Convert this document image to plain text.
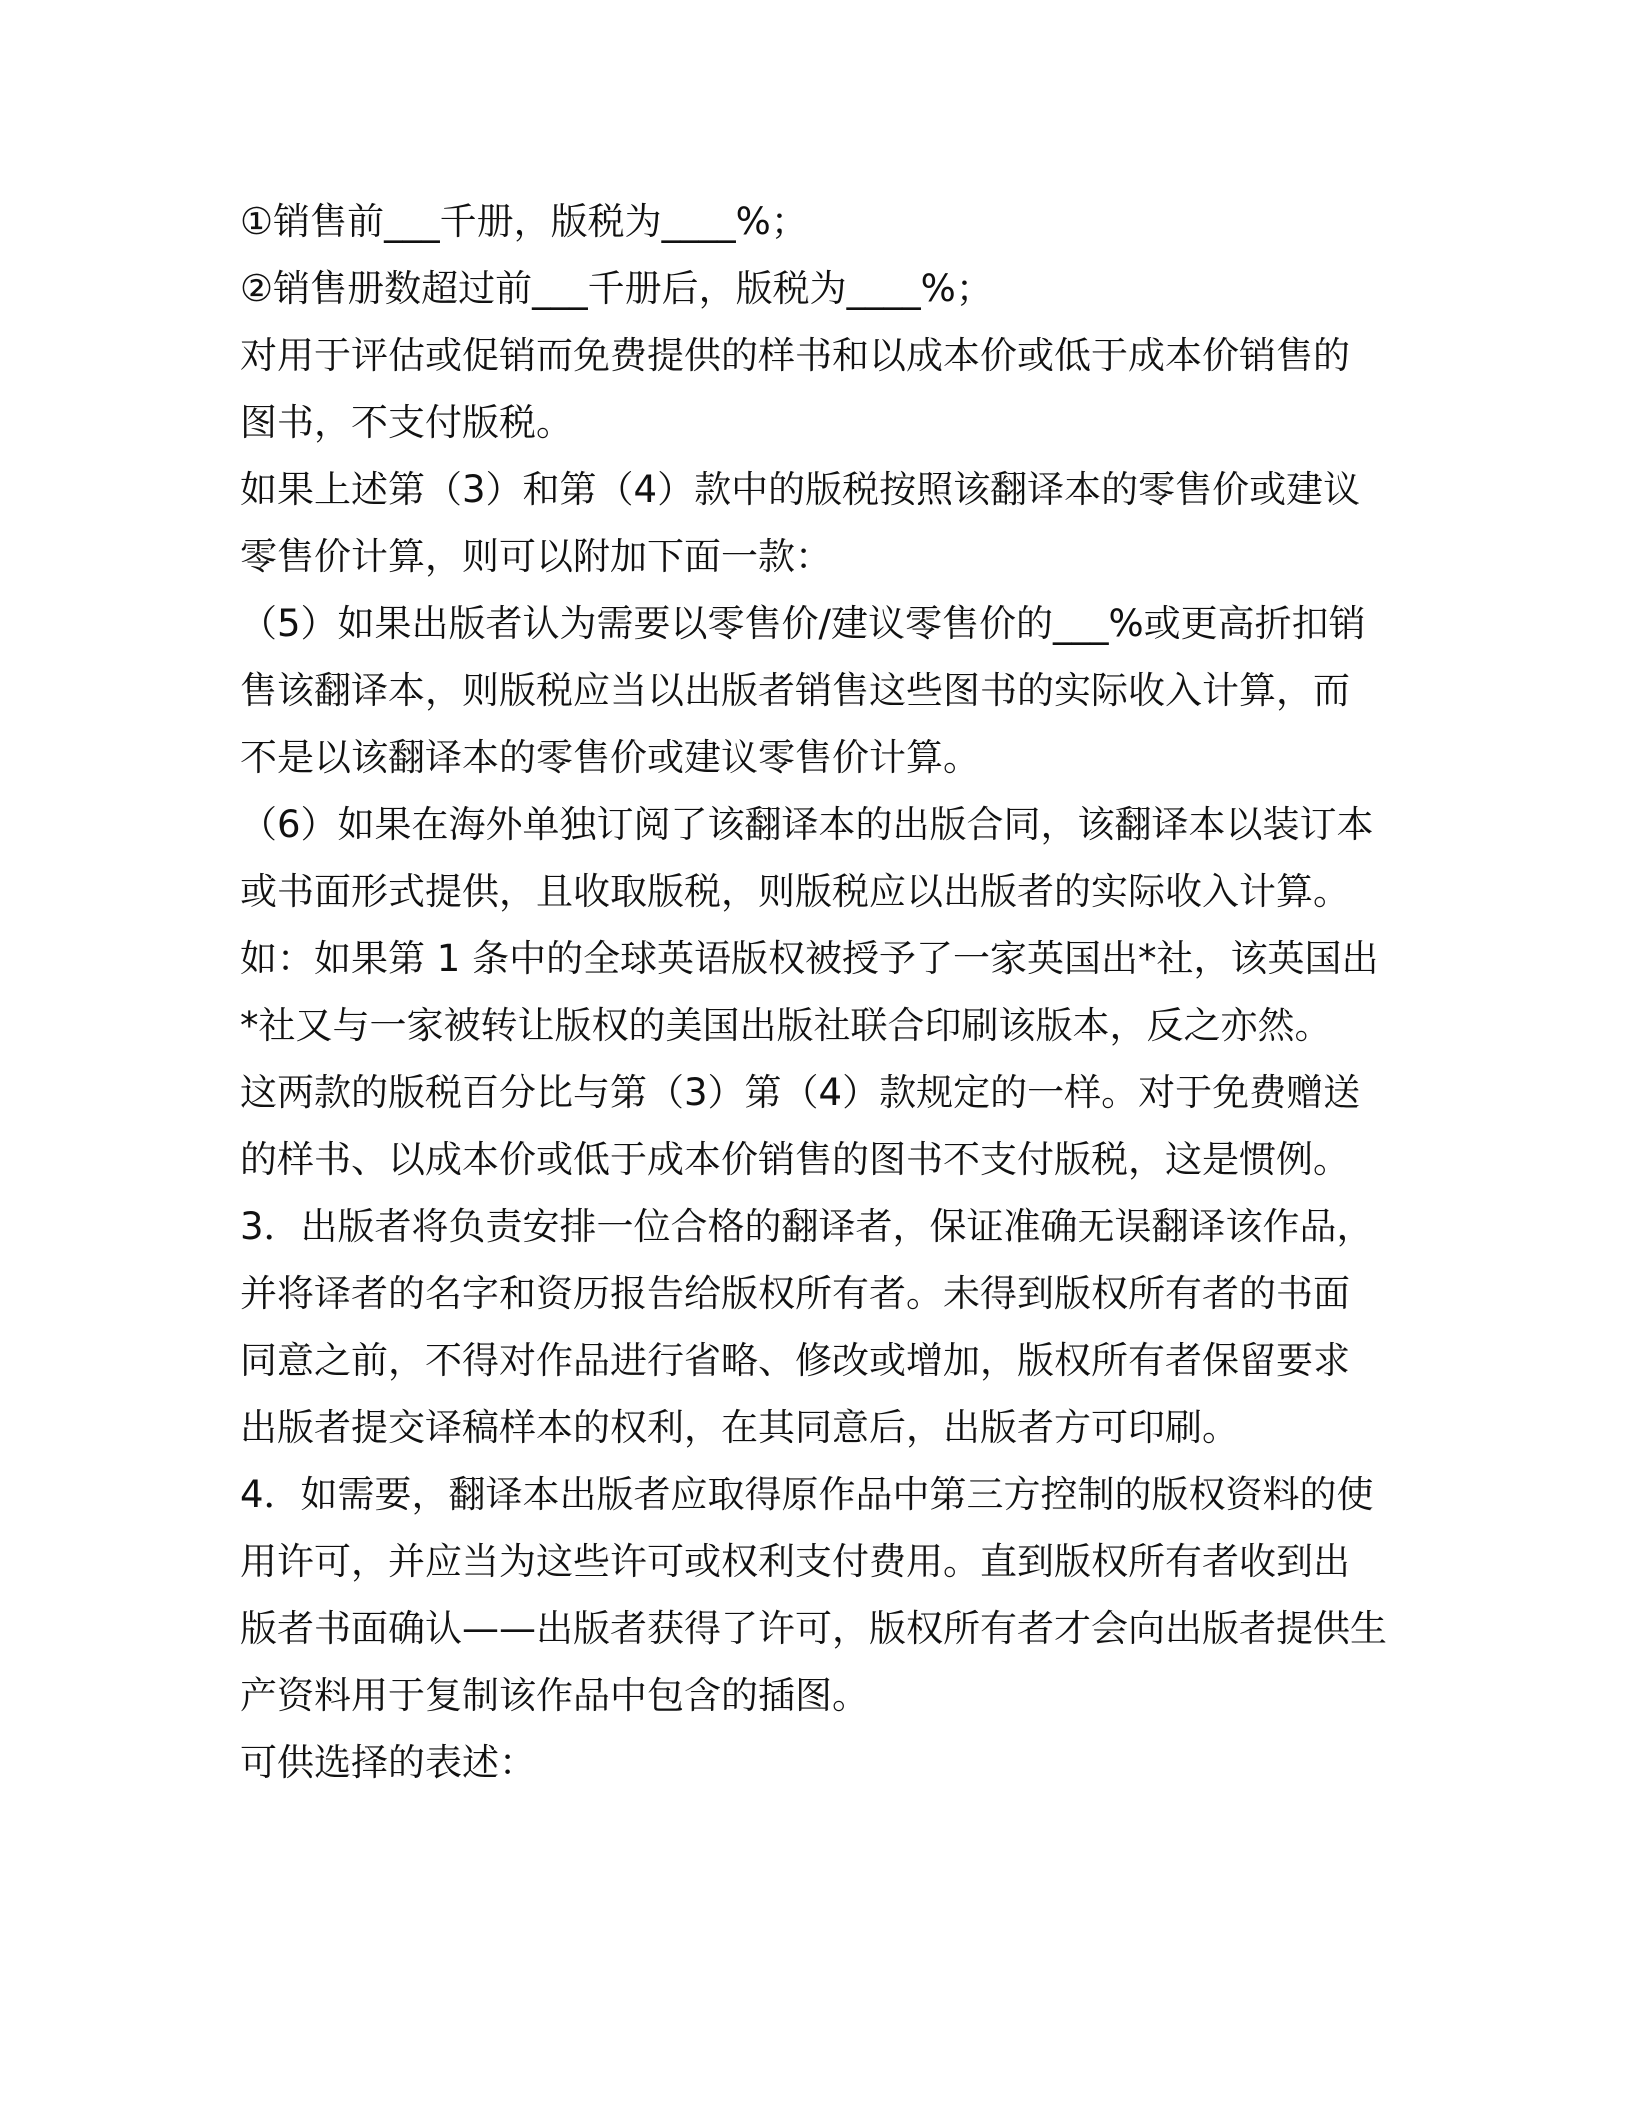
①销售前___千册，版税为____%；
②销售册数超过前___千册后，版税为____%；
对用于评估或促销而免费提供的样书和以成本价或低于成本价销售的
图书，不支付版税。
如果上述第（3）和第（4）款中的版税按照该翻译本的零售价或建议
零售价计算，则可以附加下面一款：
（5）如果出版者认为需要以零售价/建议零售价的___%或更高折扣销
售该翻译本，则版税应当以出版者销售这些图书的实际收入计算，而
不是以该翻译本的零售价或建议零售价计算。
（6）如果在海外单独订阅了该翻译本的出版合同，该翻译本以装订本
或书面形式提供，且收取版税，则版税应以出版者的实际收入计算。
如：如果第 1 条中的全球英语版权被授予了一家英国出*社，该英国出
*社又与一家被转让版权的美国出版社联合印刷该版本，反之亦然。
这两款的版税百分比与第（3）第（4）款规定的一样。对于免费赠送
的样书、以成本价或低于成本价销售的图书不支付版税，这是惯例。
3．出版者将负责安排一位合格的翻译者，保证准确无误翻译该作品，
并将译者的名字和资历报告给版权所有者。未得到版权所有者的书面
同意之前，不得对作品进行省略、修改或增加，版权所有者保留要求
出版者提交译稿样本的权利，在其同意后，出版者方可印刷。
4．如需要，翻译本出版者应取得原作品中第三方控制的版权资料的使
用许可，并应当为这些许可或权利支付费用。直到版权所有者收到出
版者书面确认——出版者获得了许可，版权所有者才会向出版者提供生
产资料用于复制该作品中包含的插图。
可供选择的表述：
